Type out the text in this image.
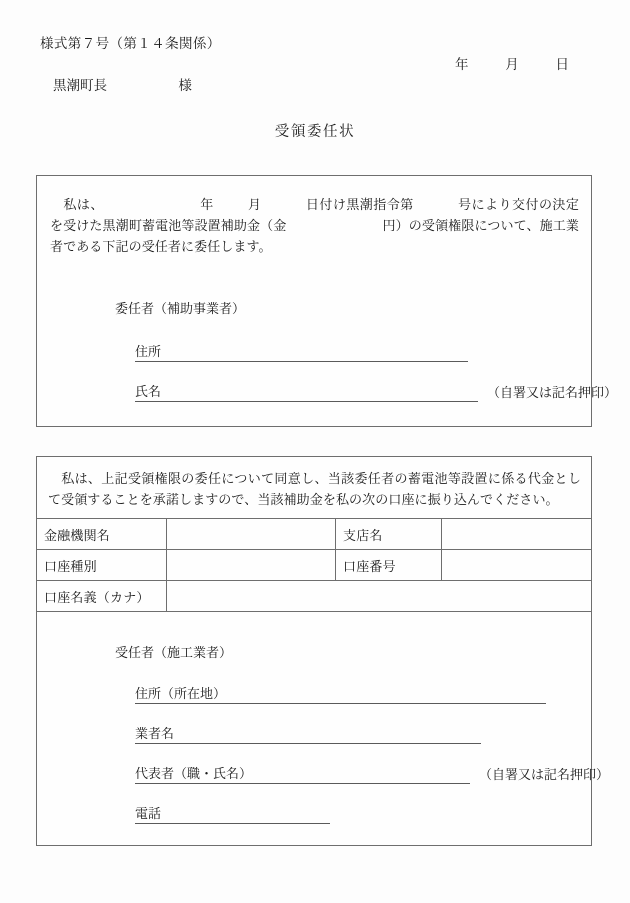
様式第７号（第１４条関係）
年	月	日
黒潮町長	様
受領委任状
私は、	年	月	日付け黒潮指令第	号により交付の決定を受けた黒潮町蓄電池等設置補助金（金	円）の受領権限について、施工業者である下記の受任者に委任します。
委任者（補助事業者）
住所
氏名	（自署又は記名押印）
私は、上記受領権限の委任について同意し、当該委任者の蓄電池等設置に係る代金として受領することを承諾しますので、当該補助金を私の次の口座に振り込んでください。
受任者（施工業者）
住所（所在地）
業者名
代表者（職・氏名）	（自署又は記名押印）
電話
金融機関名		支店名	
口座種別		口座番号	
口座名義（カナ）			
